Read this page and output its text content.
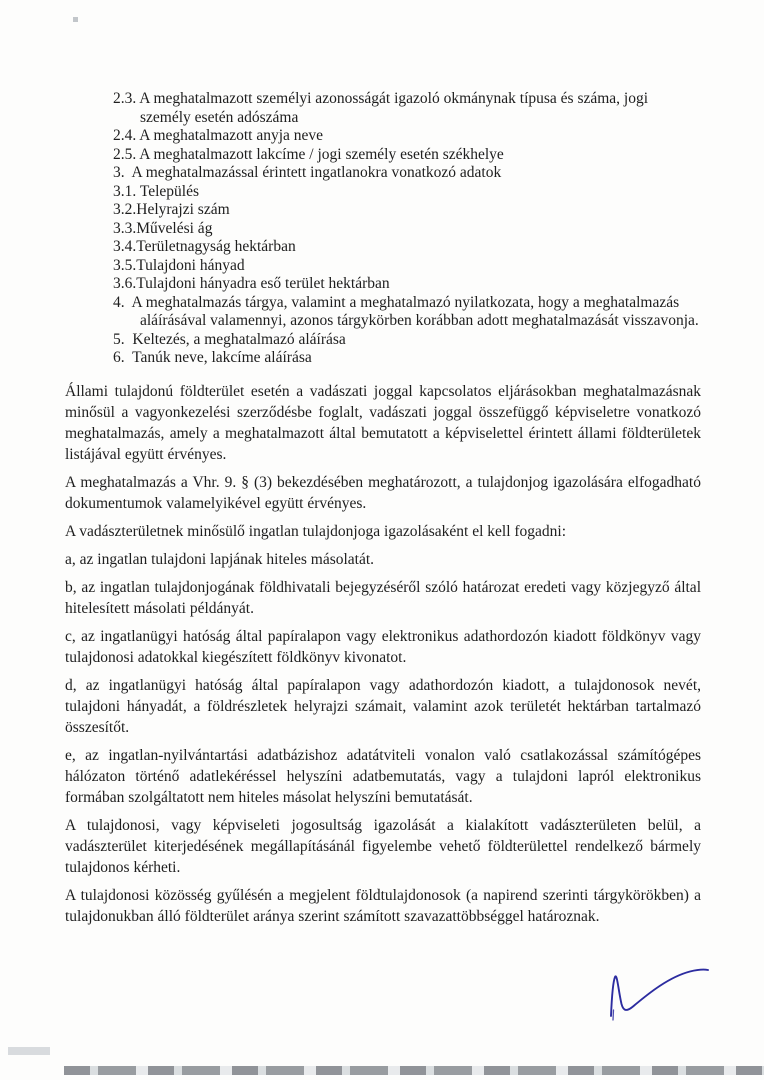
2.3. A meghatalmazott személyi azonosságát igazoló okmánynak típusa és száma, jogi személy esetén adószáma
2.4. A meghatalmazott anyja neve
2.5. A meghatalmazott lakcíme / jogi személy esetén székhelye
3.  A meghatalmazással érintett ingatlanokra vonatkozó adatok
3.1. Település
3.2.Helyrajzi szám
3.3.Művelési ág
3.4.Területnagyság hektárban
3.5.Tulajdoni hányad
3.6.Tulajdoni hányadra eső terület hektárban
4.  A meghatalmazás tárgya, valamint a meghatalmazó nyilatkozata, hogy a meghatalmazás aláírásával valamennyi, azonos tárgykörben korábban adott meghatalmazását visszavonja.
5.  Keltezés, a meghatalmazó aláírása
6.  Tanúk neve, lakcíme aláírása

Állami tulajdonú földterület esetén a vadászati joggal kapcsolatos eljárásokban meghatalmazásnak minősül a vagyonkezelési szerződésbe foglalt, vadászati joggal összefüggő képviseletre vonatkozó meghatalmazás, amely a meghatalmazott által bemutatott a képviselettel érintett állami földterületek listájával együtt érvényes.

A meghatalmazás a Vhr. 9. § (3) bekezdésében meghatározott, a tulajdonjog igazolására elfogadható dokumentumok valamelyikével együtt érvényes.

A vadászterületnek minősülő ingatlan tulajdonjoga igazolásaként el kell fogadni:

a, az ingatlan tulajdoni lapjának hiteles másolatát.

b, az ingatlan tulajdonjogának földhivatali bejegyzéséről szóló határozat eredeti vagy közjegyző által hitelesített másolati példányát.

c, az ingatlanügyi hatóság által papíralapon vagy elektronikus adathordozón kiadott földkönyv vagy tulajdonosi adatokkal kiegészített földkönyv kivonatot.

d, az ingatlanügyi hatóság által papíralapon vagy adathordozón kiadott, a tulajdonosok nevét, tulajdoni hányadát, a földrészletek helyrajzi számait, valamint azok területét hektárban tartalmazó összesítőt.

e, az ingatlan-nyilvántartási adatbázishoz adatátviteli vonalon való csatlakozással számítógépes hálózaton történő adatlekéréssel helyszíni adatbemutatás, vagy a tulajdoni lapról elektronikus formában szolgáltatott nem hiteles másolat helyszíni bemutatását.

A tulajdonosi, vagy képviseleti jogosultság igazolását a kialakított vadászterületen belül, a vadászterület kiterjedésének megállapításánál figyelembe vehető földterülettel rendelkező bármely tulajdonos kérheti.

A tulajdonosi közösség gyűlésén a megjelent földtulajdonosok (a napirend szerinti tárgykörökben) a tulajdonukban álló földterület aránya szerint számított szavazattöbbséggel határoznak.
